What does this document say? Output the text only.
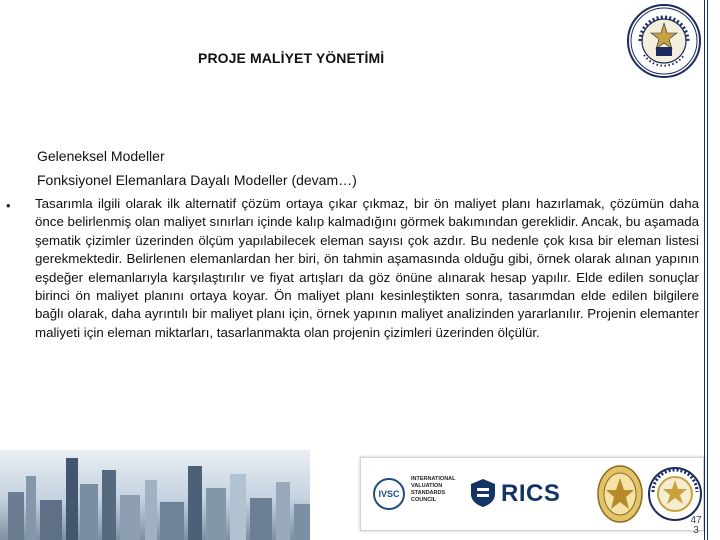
PROJE MALİYET YÖNETİMİ
Geleneksel Modeller
Fonksiyonel Elemanlara Dayalı Modeller (devam…)
• Tasarımla ilgili olarak ilk alternatif çözüm ortaya çıkar çıkmaz, bir ön maliyet planı hazırlamak, çözümün daha önce belirlenmiş olan maliyet sınırları içinde kalıp kalmadığını görmek bakımından gereklidir. Ancak, bu aşamada şematik çizimler üzerinden ölçüm yapılabilecek eleman sayısı çok azdır. Bu nedenle çok kısa bir eleman listesi gerekmektedir. Belirlenen elemanlardan her biri, ön tahmin aşamasında olduğu gibi, örnek olarak alınan yapının eşdeğer elemanlarıyla karşılaştırılır ve fiyat artışları da göz önüne alınarak hesap yapılır. Elde edilen sonuçlar birinci ön maliyet planını ortaya koyar. Ön maliyet planı kesinleştikten sonra, tasarımdan elde edilen bilgilere bağlı olarak, daha ayrıntılı bir maliyet planı için, örnek yapının maliyet analizinden yararlanılır. Projenin elemanter maliyeti için eleman miktarları, tasarlanmakta olan projenin çizimleri üzerinden ölçülür.
IVSC
INTERNATIONAL VALUATION STANDARDS COUNCIL	RICS
47 3
